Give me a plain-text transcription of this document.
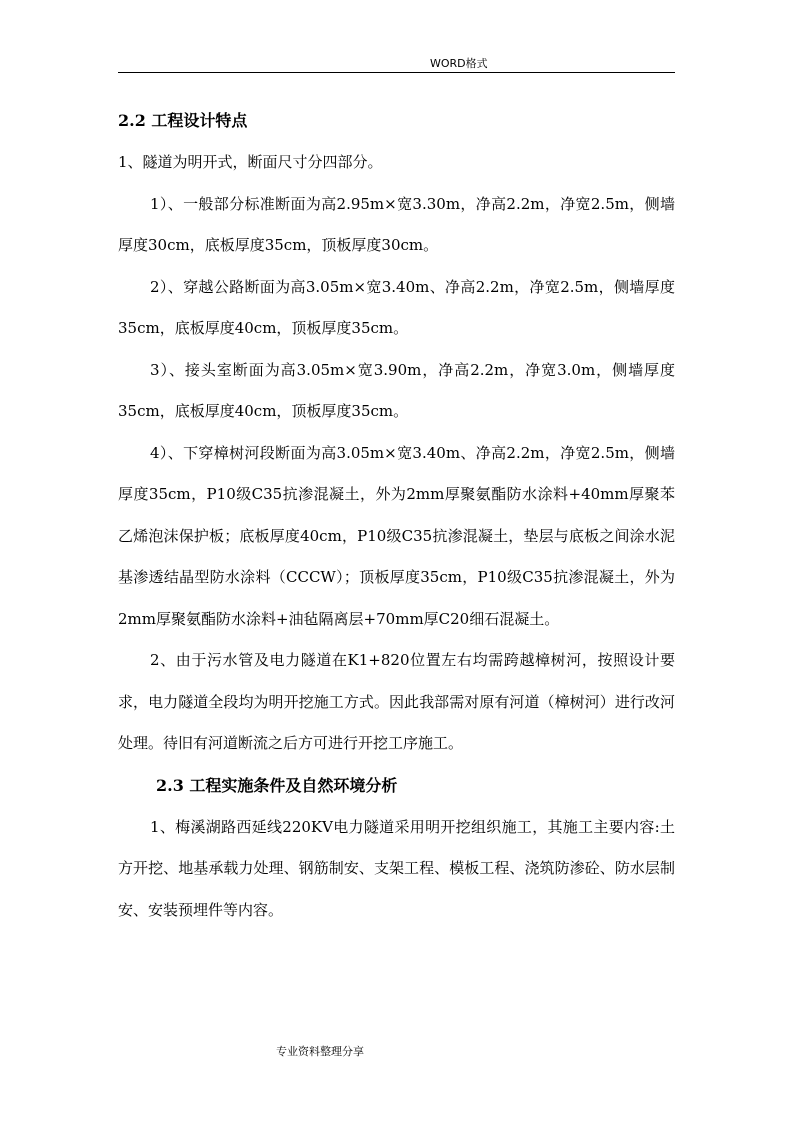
WORD格式
2.2 工程设计特点

1、隧道为明开式，断面尺寸分四部分。

1）、一般部分标准断面为高2.95m×宽3.30m，净高2.2m，净宽2.5m，侧墙厚度30cm，底板厚度35cm，顶板厚度30cm。

2）、穿越公路断面为高3.05m×宽3.40m、净高2.2m，净宽2.5m，侧墙厚度35cm，底板厚度40cm，顶板厚度35cm。

3）、接头室断面为高3.05m×宽3.90m，净高2.2m，净宽3.0m，侧墙厚度35cm，底板厚度40cm，顶板厚度35cm。

4）、下穿樟树河段断面为高3.05m×宽3.40m、净高2.2m，净宽2.5m，侧墙厚度35cm，P10级C35抗渗混凝土，外为2mm厚聚氨酯防水涂料+40mm厚聚苯乙烯泡沫保护板；底板厚度40cm，P10级C35抗渗混凝土，垫层与底板之间涂水泥基渗透结晶型防水涂料（CCCW）；顶板厚度35cm，P10级C35抗渗混凝土，外为2mm厚聚氨酯防水涂料+油毡隔离层+70mm厚C20细石混凝土。

2、由于污水管及电力隧道在K1+820位置左右均需跨越樟树河，按照设计要求，电力隧道全段均为明开挖施工方式。因此我部需对原有河道（樟树河）进行改河处理。待旧有河道断流之后方可进行开挖工序施工。

2.3 工程实施条件及自然环境分析

1、梅溪湖路西延线220KV电力隧道采用明开挖组织施工，其施工主要内容:土方开挖、地基承载力处理、钢筋制安、支架工程、模板工程、浇筑防渗砼、防水层制安、安装预埋件等内容。

专业资料整理分享
